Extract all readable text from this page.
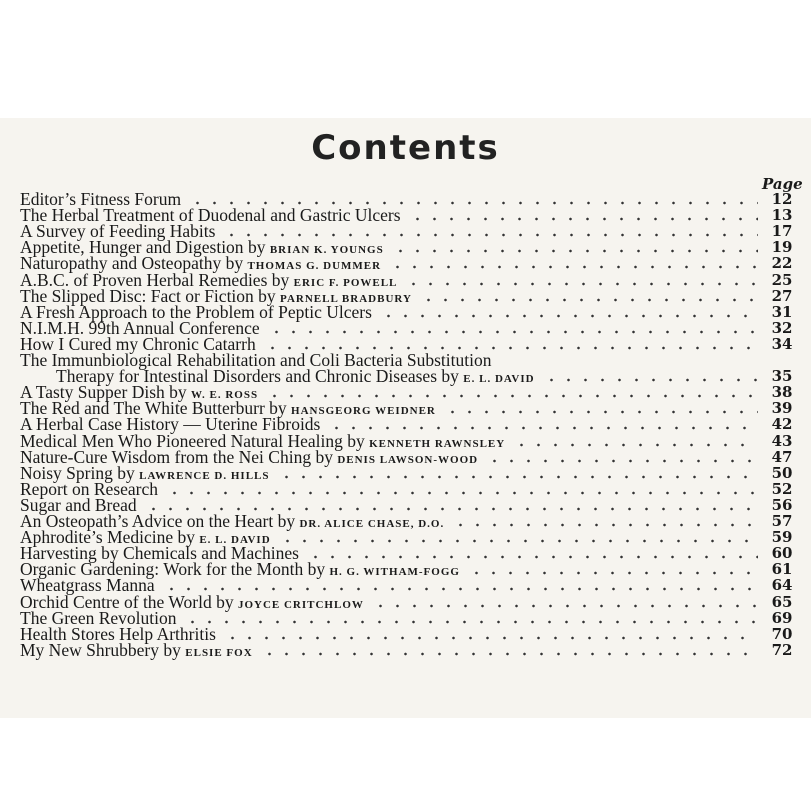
Contents
Page
Editor’s Fitness Forum	12
The Herbal Treatment of Duodenal and Gastric Ulcers	13
A Survey of Feeding Habits	17
Appetite, Hunger and Digestion by BRIAN K. YOUNGS	19
Naturopathy and Osteopathy by THOMAS G. DUMMER	22
A.B.C. of Proven Herbal Remedies by ERIC F. POWELL	25
The Slipped Disc: Fact or Fiction by PARNELL BRADBURY	27
A Fresh Approach to the Problem of Peptic Ulcers	31
N.I.M.H. 99th Annual Conference	32
How I Cured my Chronic Catarrh	34
The Immunbiological Rehabilitation and Coli Bacteria Substitution
Therapy for Intestinal Disorders and Chronic Diseases by E. L. DAVID	35
A Tasty Supper Dish by W. E. ROSS	38
The Red and The White Butterburr by HANSGEORG WEIDNER	39
A Herbal Case History — Uterine Fibroids	42
Medical Men Who Pioneered Natural Healing by KENNETH RAWNSLEY	43
Nature-Cure Wisdom from the Nei Ching by DENIS LAWSON-WOOD	47
Noisy Spring by LAWRENCE D. HILLS	50
Report on Research	52
Sugar and Bread	56
An Osteopath’s Advice on the Heart by DR. ALICE CHASE, D.O.	57
Aphrodite’s Medicine by E. L. DAVID	59
Harvesting by Chemicals and Machines	60
Organic Gardening: Work for the Month by H. G. WITHAM-FOGG	61
Wheatgrass Manna	64
Orchid Centre of the World by JOYCE CRITCHLOW	65
The Green Revolution	69
Health Stores Help Arthritis	70
My New Shrubbery by ELSIE FOX	72
